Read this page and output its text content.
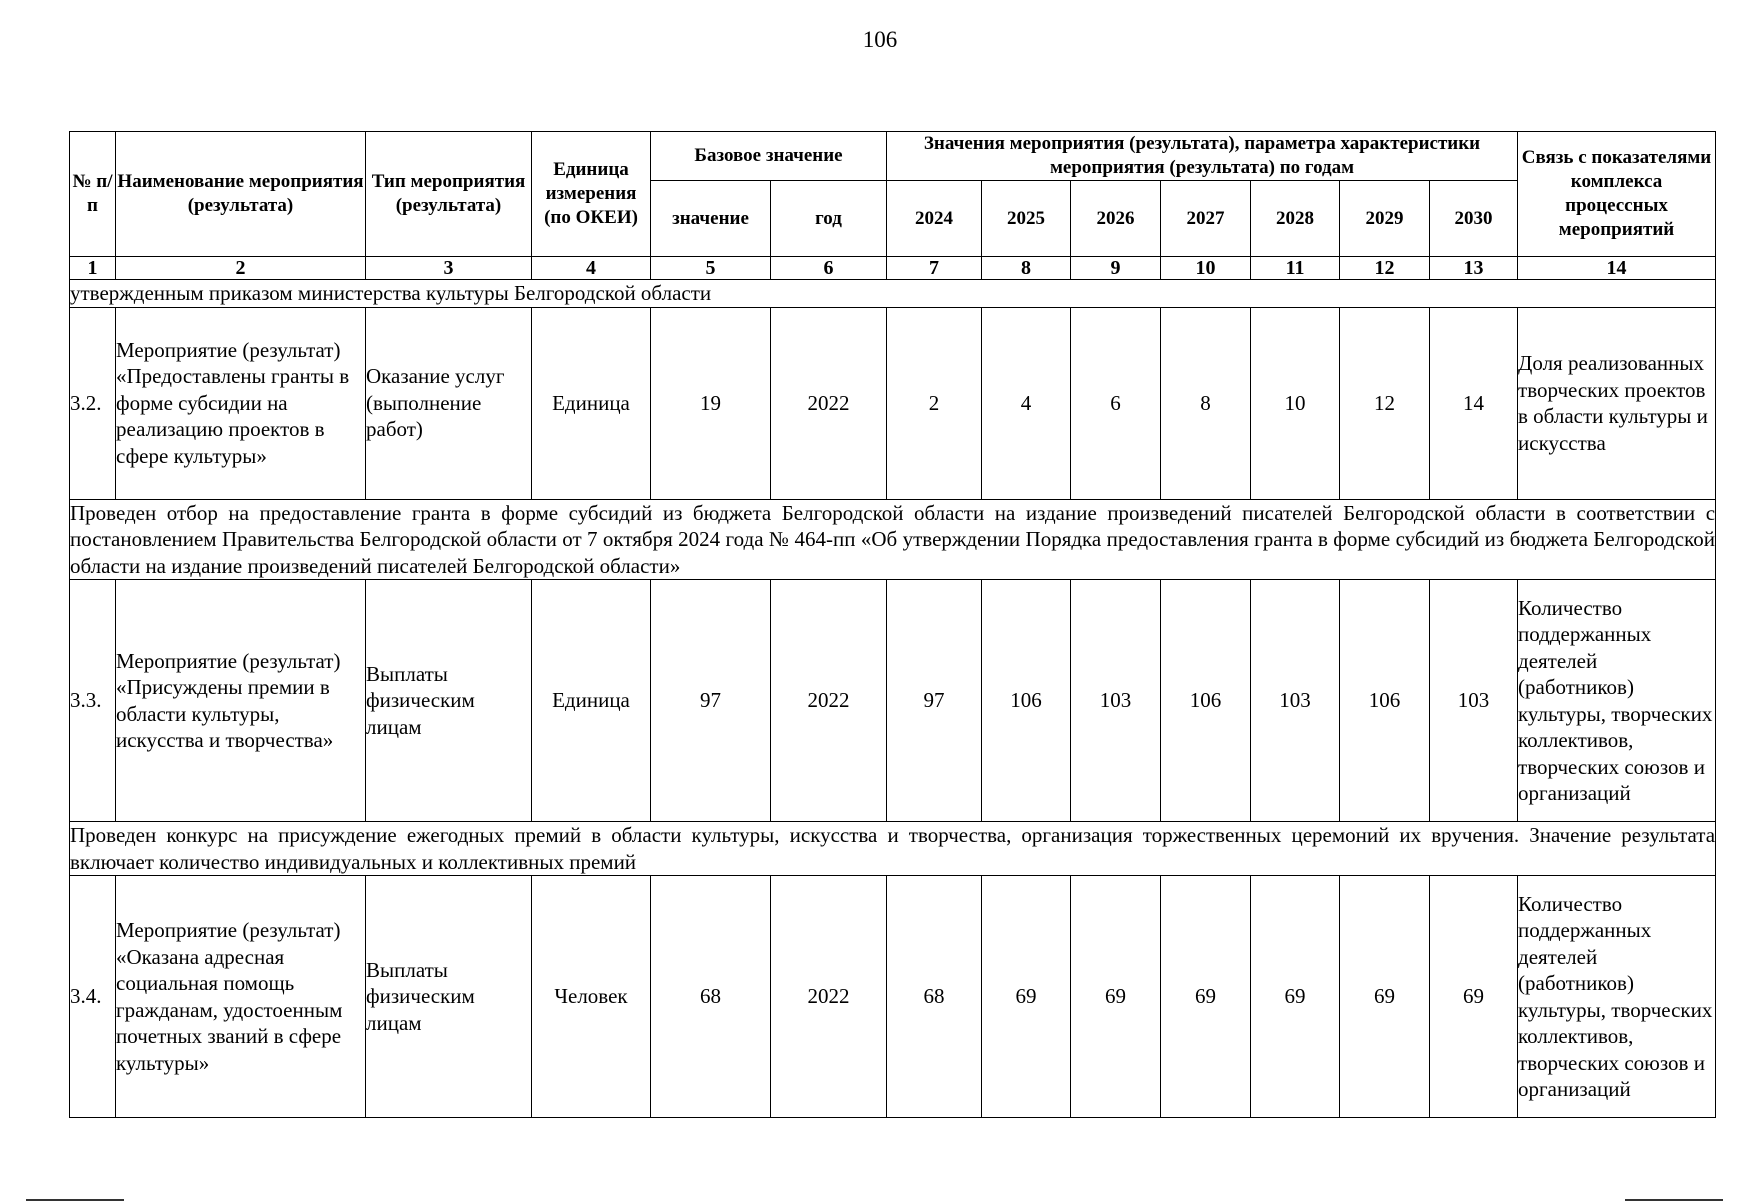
106
№ п/п	Наименование мероприятия (результата)	Тип мероприятия (результата)	Единица измерения (по ОКЕИ)	Базовое значение		Значения мероприятия (результата), параметра характеристики мероприятия (результата) по годам							Связь с показателями комплекса процессных мероприятий
				значение	год	2024	2025	2026	2027	2028	2029	2030	
1	2	3	4	5	6	7	8	9	10	11	12	13	14
утвержденным приказом министерства культуры Белгородской области													
3.2.	Мероприятие (результат) «Предоставлены гранты в форме субсидии на реализацию проектов в сфере культуры»	Оказание услуг (выполнение работ)	Единица	19	2022	2	4	6	8	10	12	14	Доля реализованных творческих проектов в области культуры и искусства
Проведен отбор на предоставление гранта в форме субсидий из бюджета Белгородской области на издание произведений писателей Белгородской области в соответствии с постановлением Правительства Белгородской области от 7 октября 2024 года № 464-пп «Об утверждении Порядка предоставления гранта в форме субсидий из бюджета Белгородской области на издание произведений писателей Белгородской области»													
3.3.	Мероприятие (результат) «Присуждены премии в области культуры, искусства и творчества»	Выплаты физическим лицам	Единица	97	2022	97	106	103	106	103	106	103	Количество поддержанных деятелей (работников) культуры, творческих коллективов, творческих союзов и организаций
Проведен конкурс на присуждение ежегодных премий в области культуры, искусства и творчества, организация торжественных церемоний их вручения. Значение результата включает количество индивидуальных и коллективных премий													
3.4.	Мероприятие (результат) «Оказана адресная социальная помощь гражданам, удостоенным почетных званий в сфере культуры»	Выплаты физическим лицам	Человек	68	2022	68	69	69	69	69	69	69	Количество поддержанных деятелей (работников) культуры, творческих коллективов, творческих союзов и организаций
